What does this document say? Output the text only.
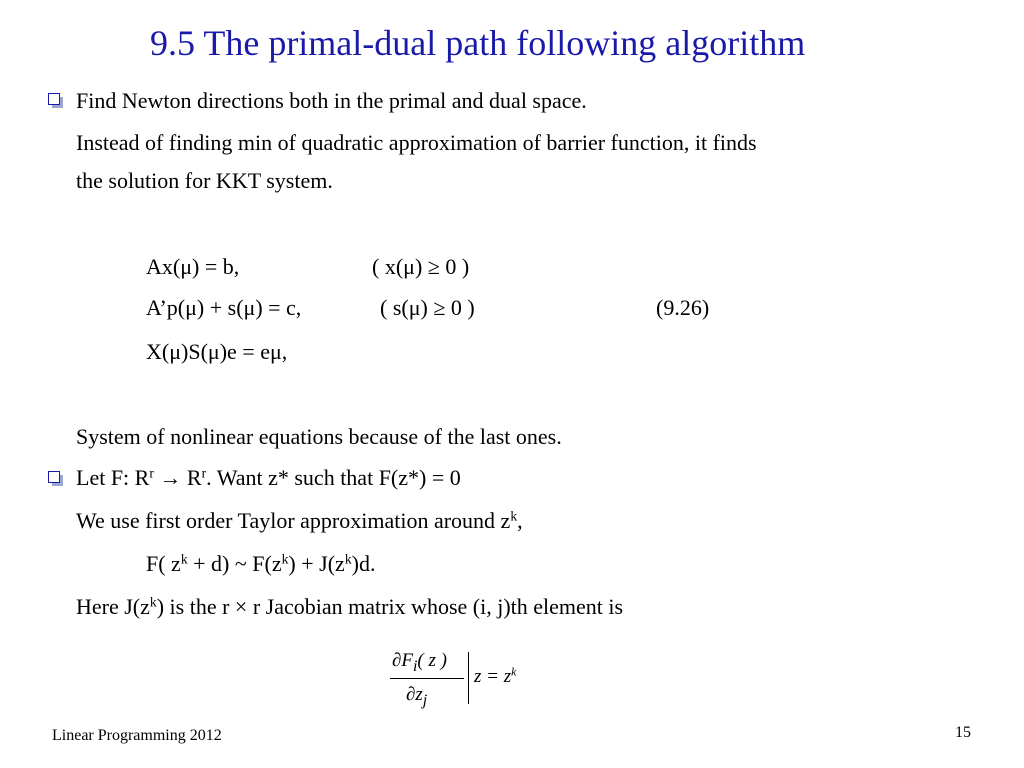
9.5 The primal-dual path following algorithm
Find Newton directions both in the primal and dual space.
Instead of finding min of quadratic approximation of barrier function, it finds
the solution for KKT system.
Ax(μ) = b,	( x(μ) ≥ 0 )
A’p(μ) + s(μ) = c,	( s(μ) ≥ 0 )	(9.26)
X(μ)S(μ)e = eμ,
System of nonlinear equations because of the last ones.
Let F: $R^r \to R^r$. Want z* such that F(z*) = 0
We use first order Taylor approximation around $z^k$,
F( $z^k + d$) ~ $F(z^k) + J(z^k)d$.
Here $J(z^k)$ is the r × r Jacobian matrix whose (i, j)th element is
$\partial F_i$( z )
$\partial z_j$
$z = z^k$
Linear Programming 2012	15
